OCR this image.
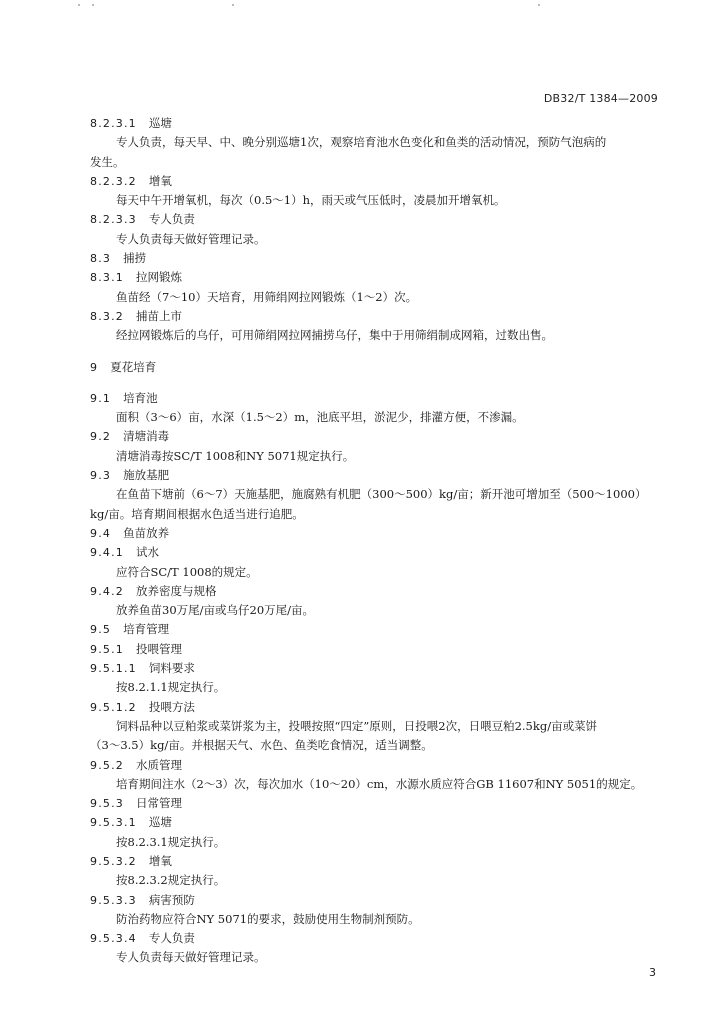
DB32/T 1384—2009
8.2.3.1 巡塘
专人负责，每天早、中、晚分别巡塘1次，观察培育池水色变化和鱼类的活动情况，预防气泡病的
发生。
8.2.3.2 增氧
每天中午开增氧机，每次（0.5～1）h，雨天或气压低时，凌晨加开增氧机。
8.2.3.3 专人负责
专人负责每天做好管理记录。
8.3 捕捞
8.3.1 拉网锻炼
鱼苗经（7～10）天培育，用筛绢网拉网锻炼（1～2）次。
8.3.2 捕苗上市
经拉网锻炼后的乌仔，可用筛绢网拉网捕捞乌仔，集中于用筛绢制成网箱，过数出售。
9 夏花培育
9.1 培育池
面积（3～6）亩，水深（1.5～2）m，池底平坦，淤泥少，排灌方便，不渗漏。
9.2 清塘消毒
清塘消毒按SC/T 1008和NY 5071规定执行。
9.3 施放基肥
在鱼苗下塘前（6～7）天施基肥，施腐熟有机肥（300～500）kg/亩；新开池可增加至（500～1000）
kg/亩。培育期间根据水色适当进行追肥。
9.4 鱼苗放养
9.4.1 试水
应符合SC/T 1008的规定。
9.4.2 放养密度与规格
放养鱼苗30万尾/亩或乌仔20万尾/亩。
9.5 培育管理
9.5.1 投喂管理
9.5.1.1 饲料要求
按8.2.1.1规定执行。
9.5.1.2 投喂方法
饲料品种以豆粕浆或菜饼浆为主，投喂按照“四定”原则，日投喂2次，日喂豆粕2.5kg/亩或菜饼
（3～3.5）kg/亩。并根据天气、水色、鱼类吃食情况，适当调整。
9.5.2 水质管理
培育期间注水（2～3）次，每次加水（10～20）cm，水源水质应符合GB 11607和NY 5051的规定。
9.5.3 日常管理
9.5.3.1 巡塘
按8.2.3.1规定执行。
9.5.3.2 增氧
按8.2.3.2规定执行。
9.5.3.3 病害预防
防治药物应符合NY 5071的要求，鼓励使用生物制剂预防。
9.5.3.4 专人负责
专人负责每天做好管理记录。
3
